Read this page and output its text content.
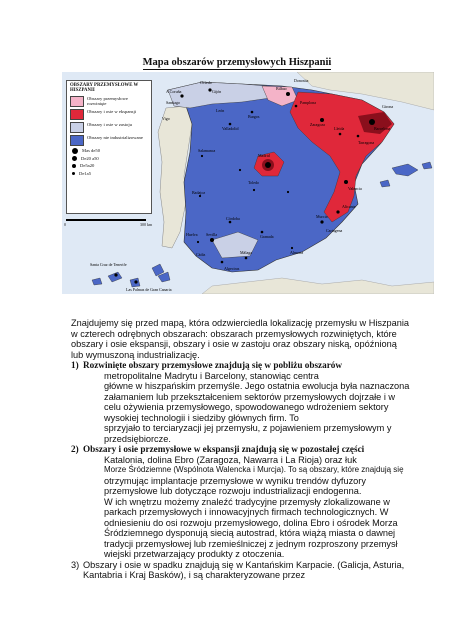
Mapa obszarów przemysłowych Hiszpanii
Oviedo
Gijón
A Coruña
Santiago
Vigo
Bilbao
Donostia
Pamplona
Barcelona
Zaragoza
Lleida
Girona
Tarragona
Valladolid
Burgos
León
Madrid
Toledo
Valencia
Sevilla
Córdoba
Granada
Málaga
Cádiz
Algeciras
Murcia
Cartagena
Alicante
Badajoz
Salamanca
Huelva
Almería
OBSZARY PRZEMYSŁOWE W HISZPANII
Obszary przemysłowe rozwinięte
Obszary i osie w ekspansji
Obszary i osie w zastoju
Obszary nie industrializowane
Mas de50
De20 a50
De5a20
De1a5
0	300 km
Santa Cruz de Tenerife
Las Palmas de Gran Canaria

Znajdujemy się przed mapą, która odzwierciedla lokalizację przemysłu w Hiszpania w czterech odrębnych obszarach: obszarach przemysłowych rozwiniętych, które obszary i osie ekspansji, obszary i osie w zastoju oraz obszary niską, opóźnioną lub wymuszoną industrializację.

1) Rozwinięte obszary przemysłowe znajdują się w pobliżu obszarów
metropolitalne Madrytu i Barcelony, stanowiąc centra
główne w hiszpańskim przemyśle. Jego ostatnia ewolucja była naznaczona załamaniem lub przekształceniem sektorów przemysłowych dojrzałe i w celu ożywienia przemysłowego, spowodowanego wdrożeniem sektory wysokiej technologii i siedziby głównych firm. To
sprzyjało to terciaryzacji jej przemysłu, z pojawieniem przemysłowym y przedsiębiorcze.
2) Obszary i osie przemysłowe w ekspansji znajdują się w pozostałej części
Katalonia, dolina Ebro (Zaragoza, Nawarra i La Rioja) oraz łuk
Morze Śródziemne (Wspólnota Walencka i Murcja). To są obszary, które znajdują się
otrzymując implantacje przemysłowe w wyniku trendów dyfuzory przemysłowe lub dotyczące rozwoju industrializacji endogenna.
W ich wnętrzu możemy znaleźć tradycyjne przemysły zlokalizowane w parkach przemysłowych i innowacyjnych firmach technologicznych. W odniesieniu do osi rozwoju przemysłowego, dolina Ebro i ośrodek Morza Śródziemnego dysponują siecią autostrad, która wiążą miasta o dawnej tradycji przemysłowej lub rzemieślniczej z jednym rozproszony przemysł wiejski przetwarzający produkty z otoczenia.
3) Obszary i osie w spadku znajdują się w Kantańskim Karpacie. (Galicja, Asturia, Kantabria i Kraj Basków), i są charakteryzowane przez
